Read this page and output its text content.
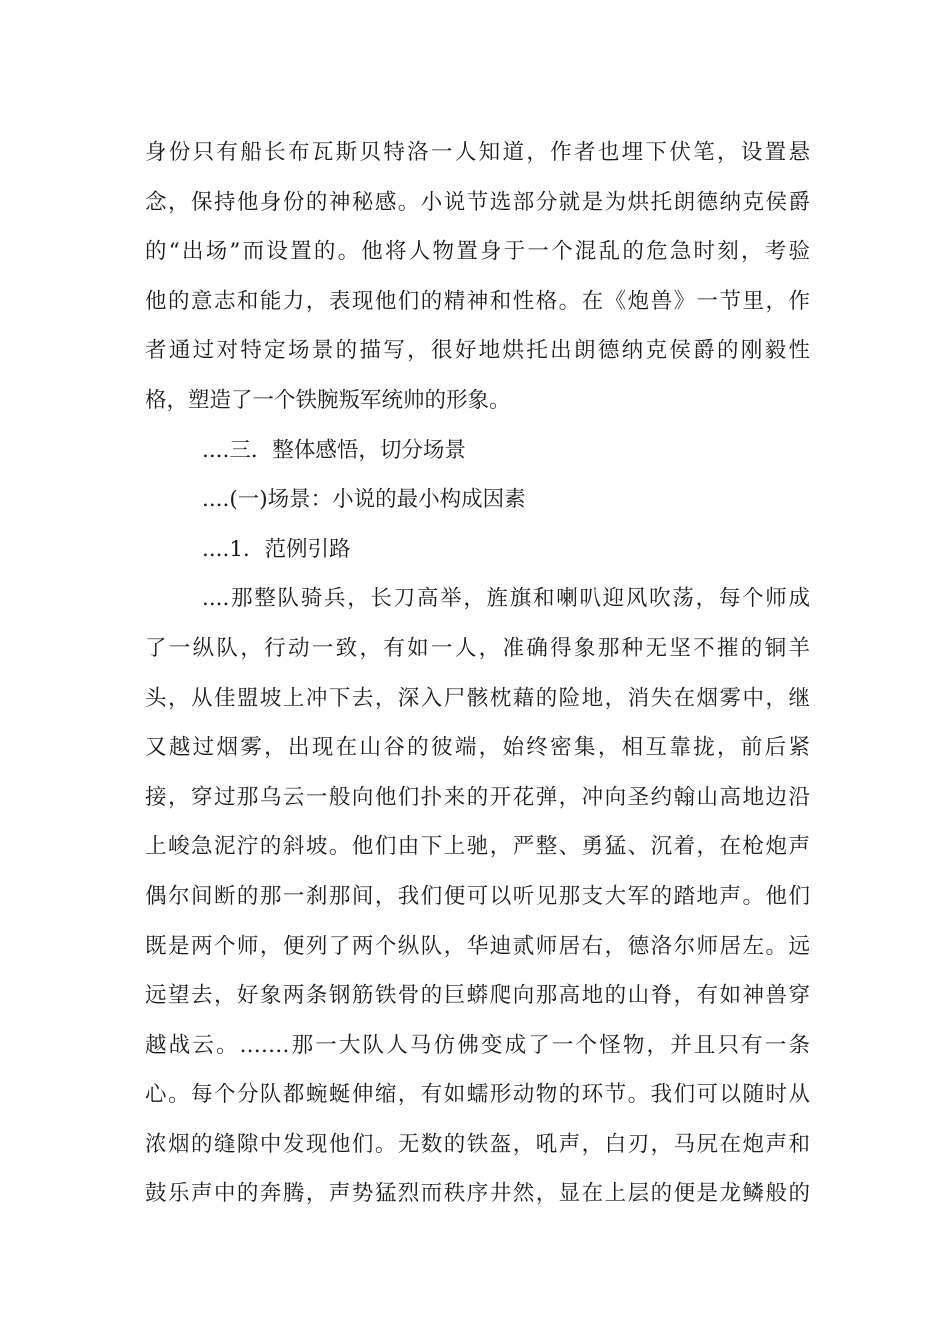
身份只有船长布瓦斯贝特洛一人知道，作者也埋下伏笔，设置悬
念，保持他身份的神秘感。小说节选部分就是为烘托朗德纳克侯爵
的“出场”而设置的。他将人物置身于一个混乱的危急时刻，考验
他的意志和能力，表现他们的精神和性格。在《炮兽》一节里，作
者通过对特定场景的描写，很好地烘托出朗德纳克侯爵的刚毅性
格，塑造了一个铁腕叛军统帅的形象。
....三．整体感悟，切分场景
....(一)场景：小说的最小构成因素
....1．范例引路
....那整队骑兵，长刀高举，旌旗和喇叭迎风吹荡，每个师成
了一纵队，行动一致，有如一人，准确得象那种无坚不摧的铜羊
头，从佳盟坡上冲下去，深入尸骸枕藉的险地，消失在烟雾中，继
又越过烟雾，出现在山谷的彼端，始终密集，相互靠拢，前后紧
接，穿过那乌云一般向他们扑来的开花弹，冲向圣约翰山高地边沿
上峻急泥泞的斜坡。他们由下上驰，严整、勇猛、沉着，在枪炮声
偶尔间断的那一刹那间，我们便可以听见那支大军的踏地声。他们
既是两个师，便列了两个纵队，华迪贰师居右，德洛尔师居左。远
远望去，好象两条钢筋铁骨的巨蟒爬向那高地的山脊，有如神兽穿
越战云。.……那一大队人马仿佛变成了一个怪物，并且只有一条
心。每个分队都蜿蜒伸缩，有如蠕形动物的环节。我们可以随时从
浓烟的缝隙中发现他们。无数的铁盔，吼声，白刃，马尻在炮声和
鼓乐声中的奔腾，声势猛烈而秩序井然，显在上层的便是龙鳞般的
